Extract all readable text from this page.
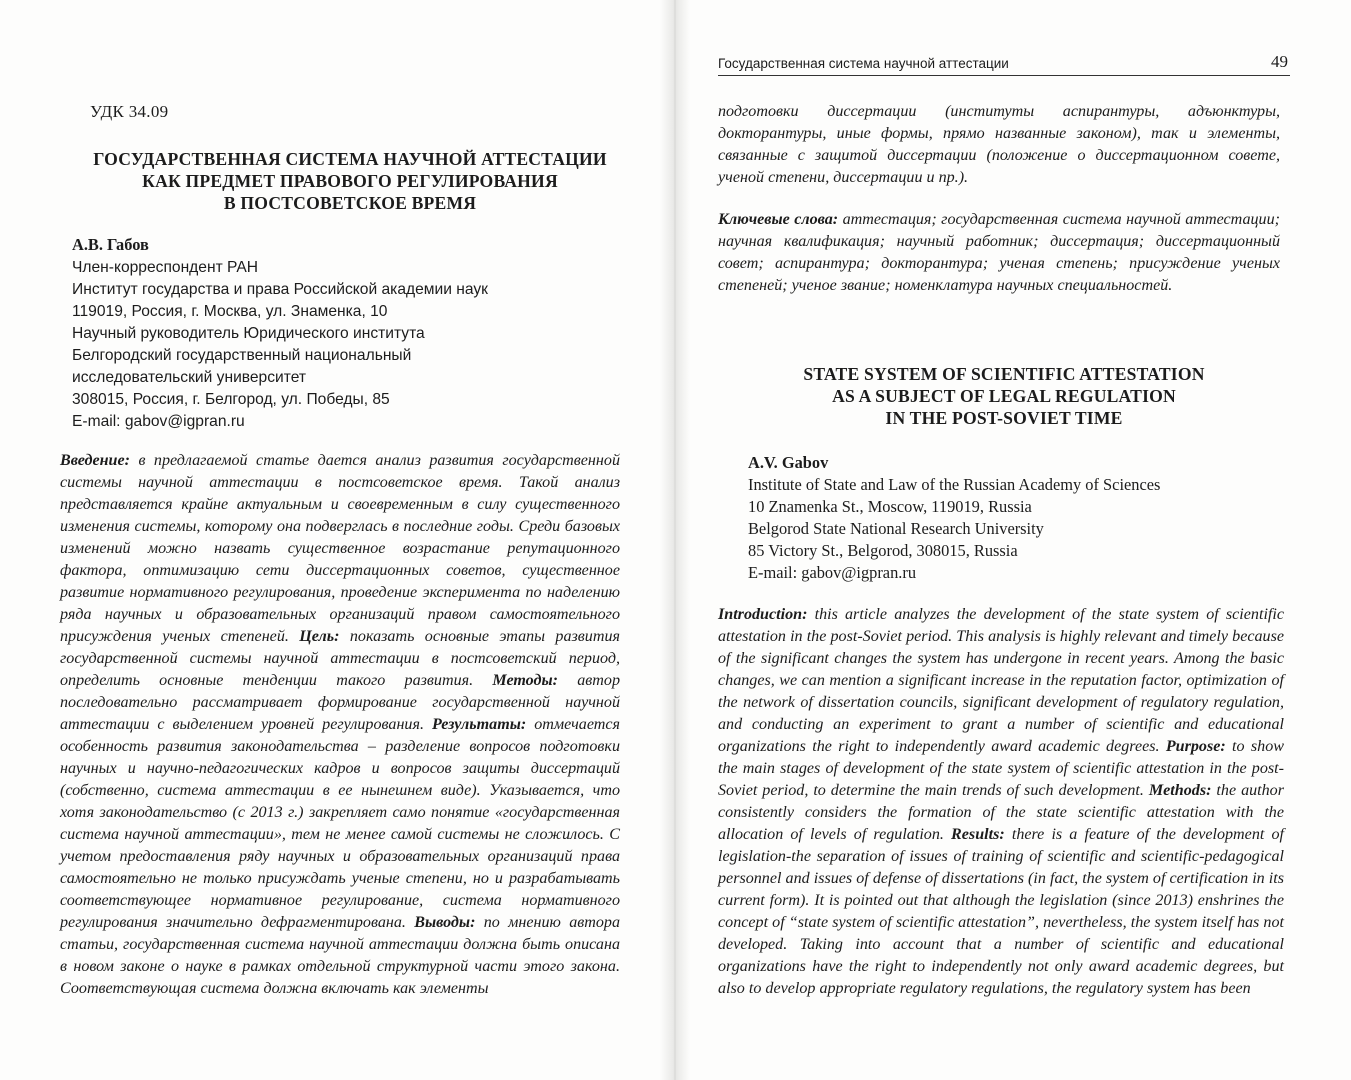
УДК 34.09
ГОСУДАРСТВЕННАЯ СИСТЕМА НАУЧНОЙ АТТЕСТАЦИИ
КАК ПРЕДМЕТ ПРАВОВОГО РЕГУЛИРОВАНИЯ
В ПОСТСОВЕТСКОЕ ВРЕМЯ
А.В. Габов
Член-корреспондент РАН
Институт государства и права Российской академии наук
119019, Россия, г. Москва, ул. Знаменка, 10
Научный руководитель Юридического института
Белгородский государственный национальный
исследовательский университет
308015, Россия, г. Белгород, ул. Победы, 85
E-mail: gabov@igpran.ru
Введение: в предлагаемой статье дается анализ развития государственной системы научной аттестации в постсоветское время. Такой анализ представляется крайне актуальным и своевременным в силу существенного изменения системы, которому она подверглась в последние годы. Среди базовых изменений можно назвать существенное возрастание репутационного фактора, оптимизацию сети диссертационных советов, существенное развитие нормативного регулирования, проведение эксперимента по наделению ряда научных и образовательных организаций правом самостоятельного присуждения ученых степеней. Цель: показать основные этапы развития государственной системы научной аттестации в постсоветский период, определить основные тенденции такого развития. Методы: автор последовательно рассматривает формирование государственной научной аттестации с выделением уровней регулирования. Результаты: отмечается особенность развития законодательства – разделение вопросов подготовки научных и научно-педагогических кадров и вопросов защиты диссертаций (собственно, система аттестации в ее нынешнем виде). Указывается, что хотя законодательство (с 2013 г.) закрепляет само понятие «государственная система научной аттестации», тем не менее самой системы не сложилось. С учетом предоставления ряду научных и образовательных организаций права самостоятельно не только присуждать ученые степени, но и разрабатывать соответствующее нормативное регулирование, система нормативного регулирования значительно дефрагментирована. Выводы: по мнению автора статьи, государственная система научной аттестации должна быть описана в новом законе о науке в рамках отдельной структурной части этого закона. Соответствующая система должна включать как элементы
Государственная система научной аттестации	49
подготовки диссертации (институты аспирантуры, адъюнктуры, докторантуры, иные формы, прямо названные законом), так и элементы, связанные с защитой диссертации (положение о диссертационном совете, ученой степени, диссертации и пр.).
Ключевые слова: аттестация; государственная система научной аттестации; научная квалификация; научный работник; диссертация; диссертационный совет; аспирантура; докторантура; ученая степень; присуждение ученых степеней; ученое звание; номенклатура научных специальностей.
STATE SYSTEM OF SCIENTIFIC ATTESTATION
AS A SUBJECT OF LEGAL REGULATION
IN THE POST-SOVIET TIME
A.V. Gabov
Institute of State and Law of the Russian Academy of Sciences
10 Znamenka St., Moscow, 119019, Russia
Belgorod State National Research University
85 Victory St., Belgorod, 308015, Russia
E-mail: gabov@igpran.ru
Introduction: this article analyzes the development of the state system of scientific attestation in the post-Soviet period. This analysis is highly relevant and timely because of the significant changes the system has undergone in recent years. Among the basic changes, we can mention a significant increase in the reputation factor, optimization of the network of dissertation councils, significant development of regulatory regulation, and conducting an experiment to grant a number of scientific and educational organizations the right to independently award academic degrees. Purpose: to show the main stages of development of the state system of scientific attestation in the post-Soviet period, to determine the main trends of such development. Methods: the author consistently considers the formation of the state scientific attestation with the allocation of levels of regulation. Results: there is a feature of the development of legislation-the separation of issues of training of scientific and scientific-pedagogical personnel and issues of defense of dissertations (in fact, the system of certification in its current form). It is pointed out that although the legislation (since 2013) enshrines the concept of “state system of scientific attestation”, nevertheless, the system itself has not developed. Taking into account that a number of scientific and educational organizations have the right to independently not only award academic degrees, but also to develop appropriate regulatory regulations, the regulatory system has been
